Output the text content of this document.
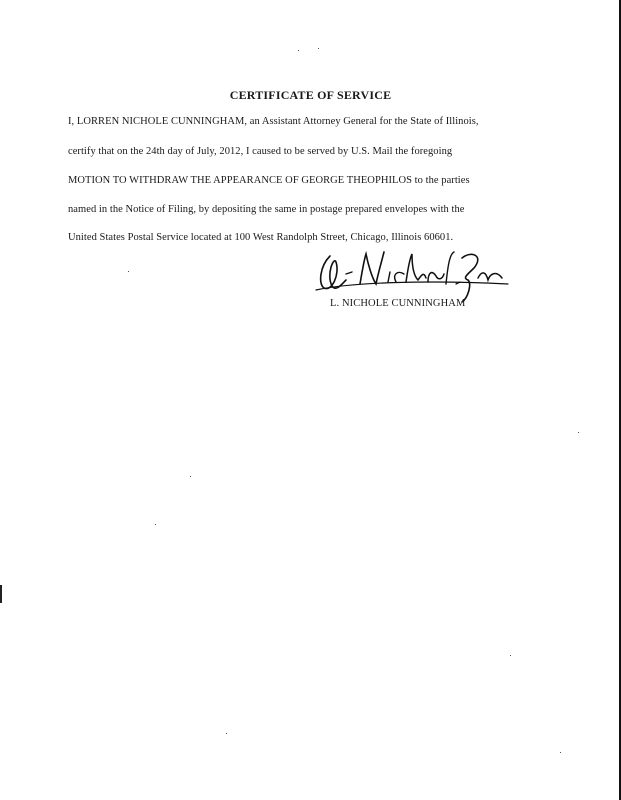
CERTIFICATE OF SERVICE
I, LORREN NICHOLE CUNNINGHAM, an Assistant Attorney General for the State of Illinois,
certify that on the 24th day of July, 2012, I caused to be served by U.S. Mail the foregoing
MOTION TO WITHDRAW THE APPEARANCE OF GEORGE THEOPHILOS to the parties
named in the Notice of Filing, by depositing the same in postage prepared envelopes with the
United States Postal Service located at 100 West Randolph Street, Chicago, Illinois 60601.
L. NICHOLE CUNNINGHAM
